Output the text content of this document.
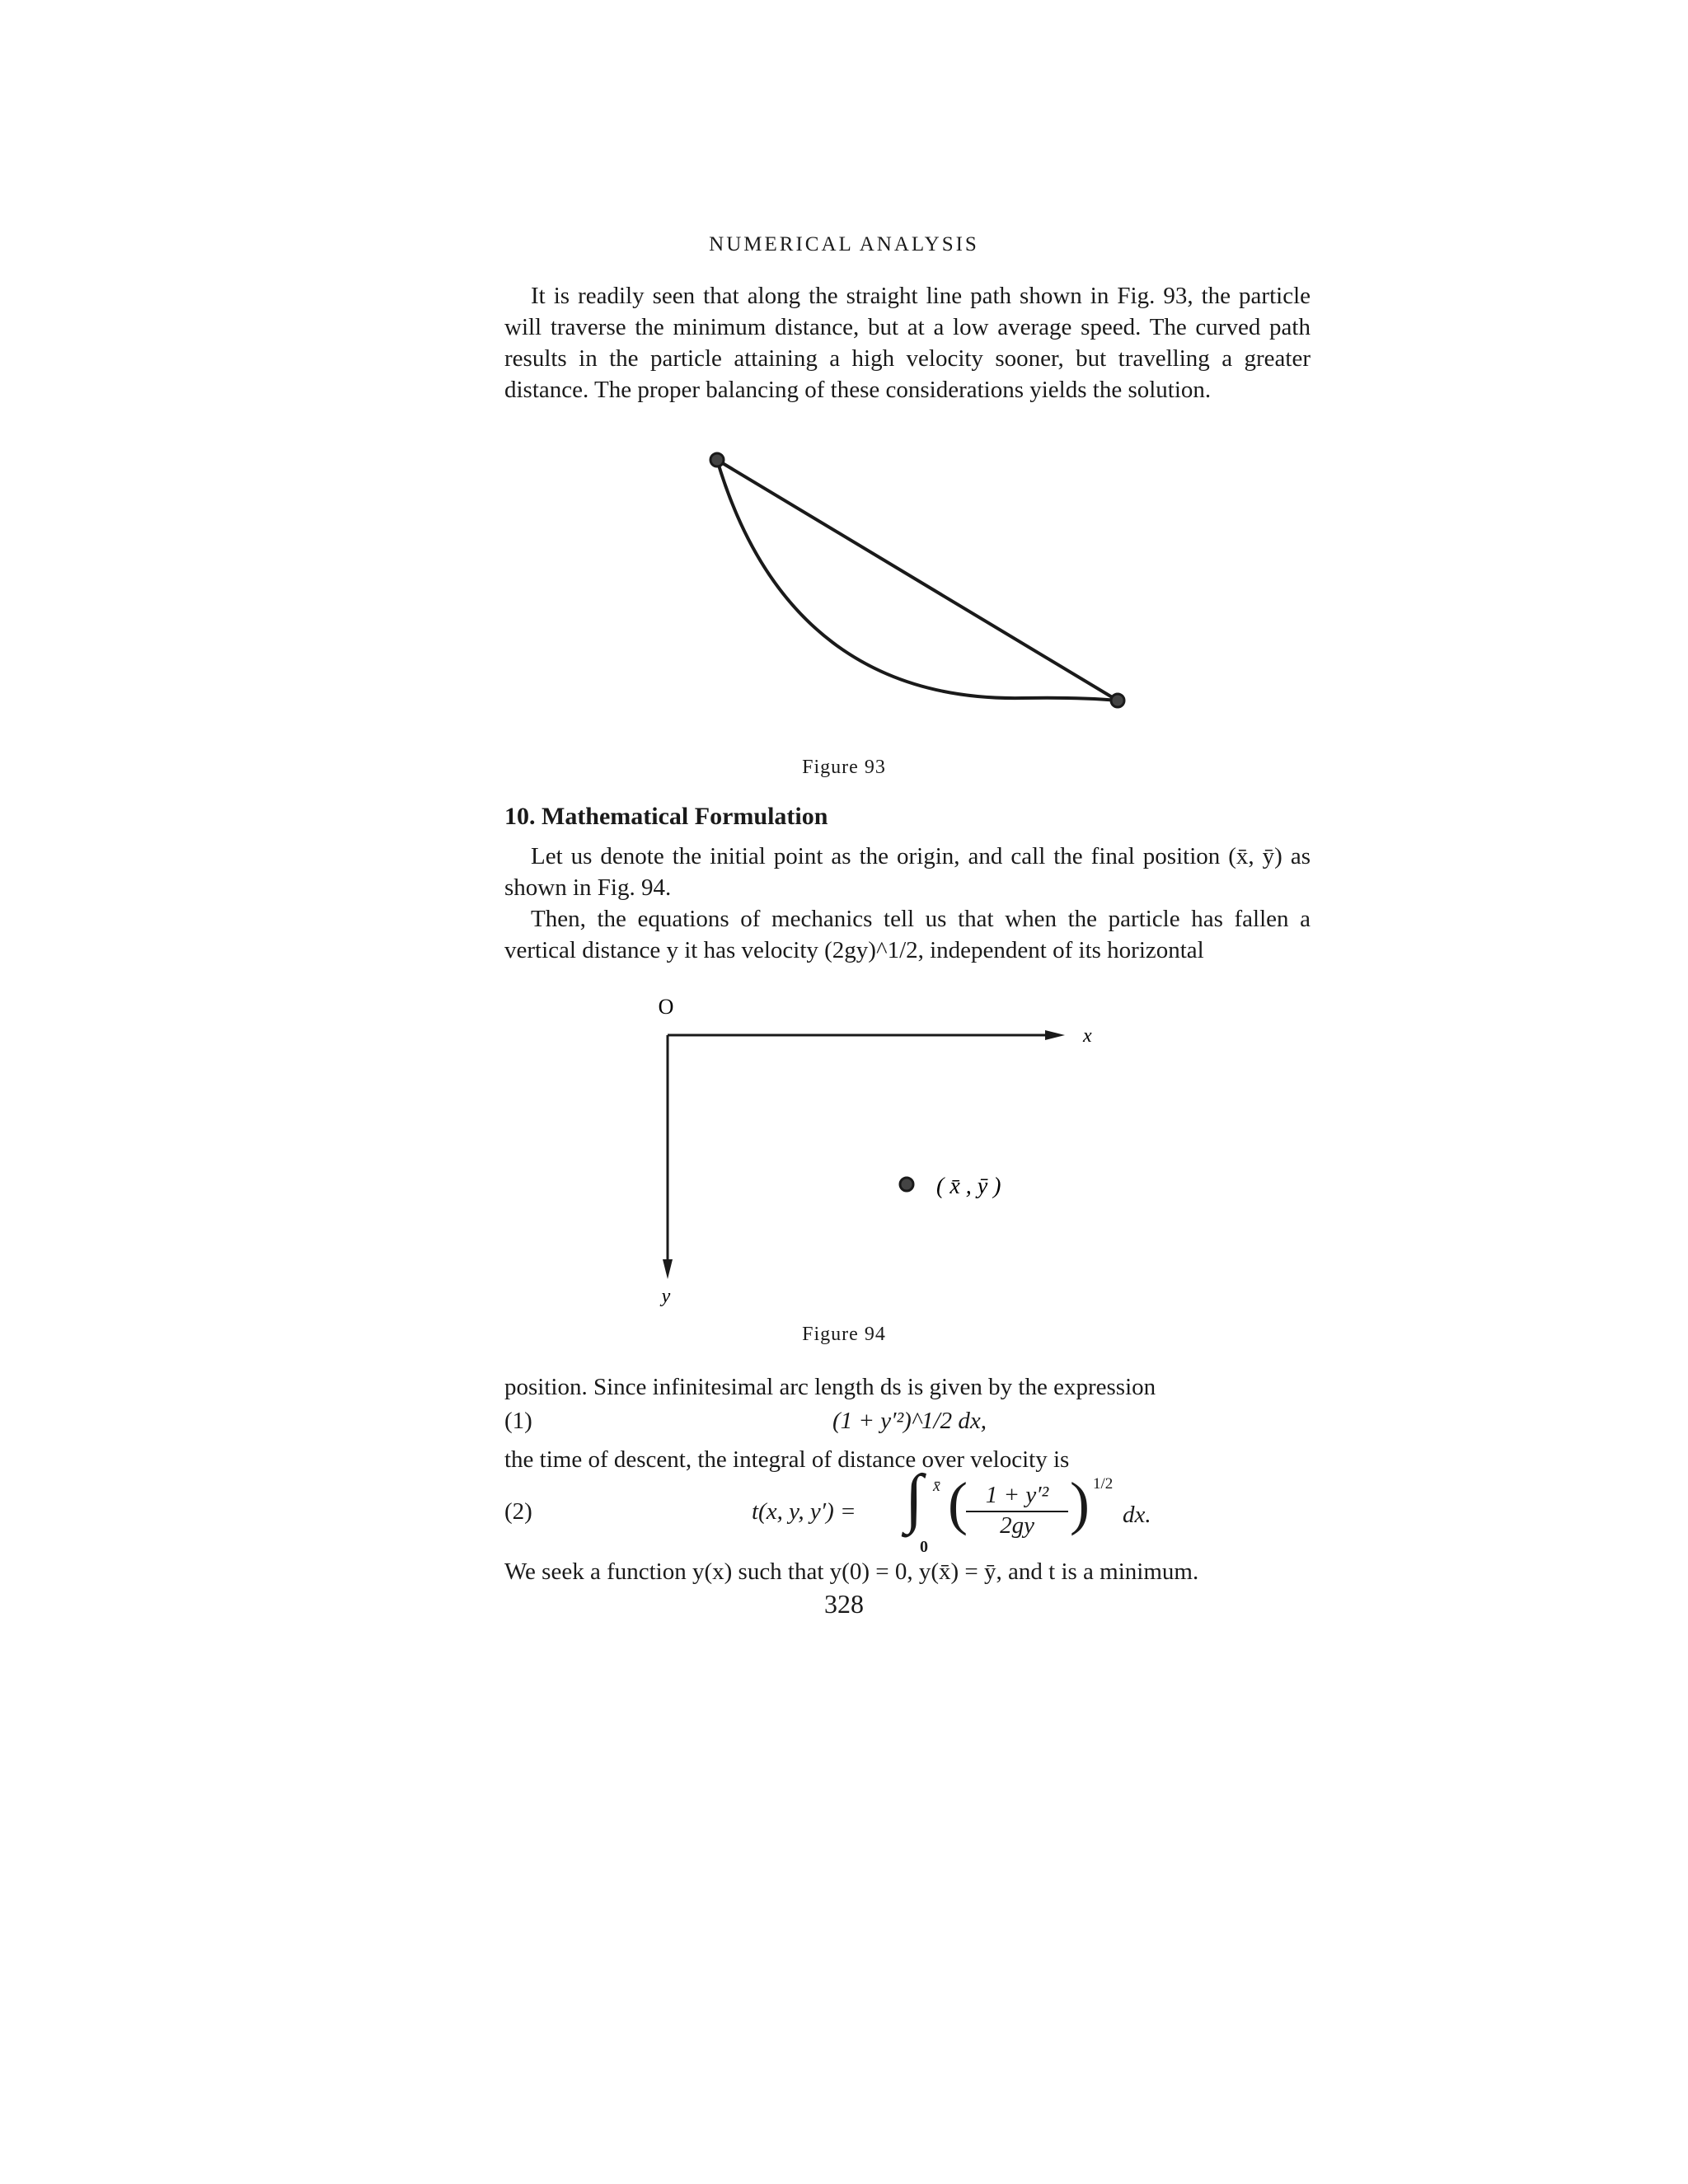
NUMERICAL ANALYSIS
It is readily seen that along the straight line path shown in Fig. 93, the particle will traverse the minimum distance, but at a low average speed. The curved path results in the particle attaining a high velocity sooner, but travelling a greater distance. The proper balancing of these considerations yields the solution.
Figure 93
10. Mathematical Formulation
Let us denote the initial point as the origin, and call the final position (x̄, ȳ) as shown in Fig. 94.
Then, the equations of mechanics tell us that when the particle has fallen a vertical distance y it has velocity (2gy)^1/2, independent of its horizontal
O
x
y
( x̄ , ȳ )
Figure 94
position. Since infinitesimal arc length ds is given by the expression
(1)	(1 + y′²)^1/2 dx,
the time of descent, the integral of distance over velocity is
(2)	t(x, y, y′) = ∫ x̄
0
(
$\frac{\text{1 + y′²}}{2gy}$ ) 1/2
dx.
We seek a function y(x) such that y(0) = 0, y(x̄) = ȳ, and t is a minimum.
328
